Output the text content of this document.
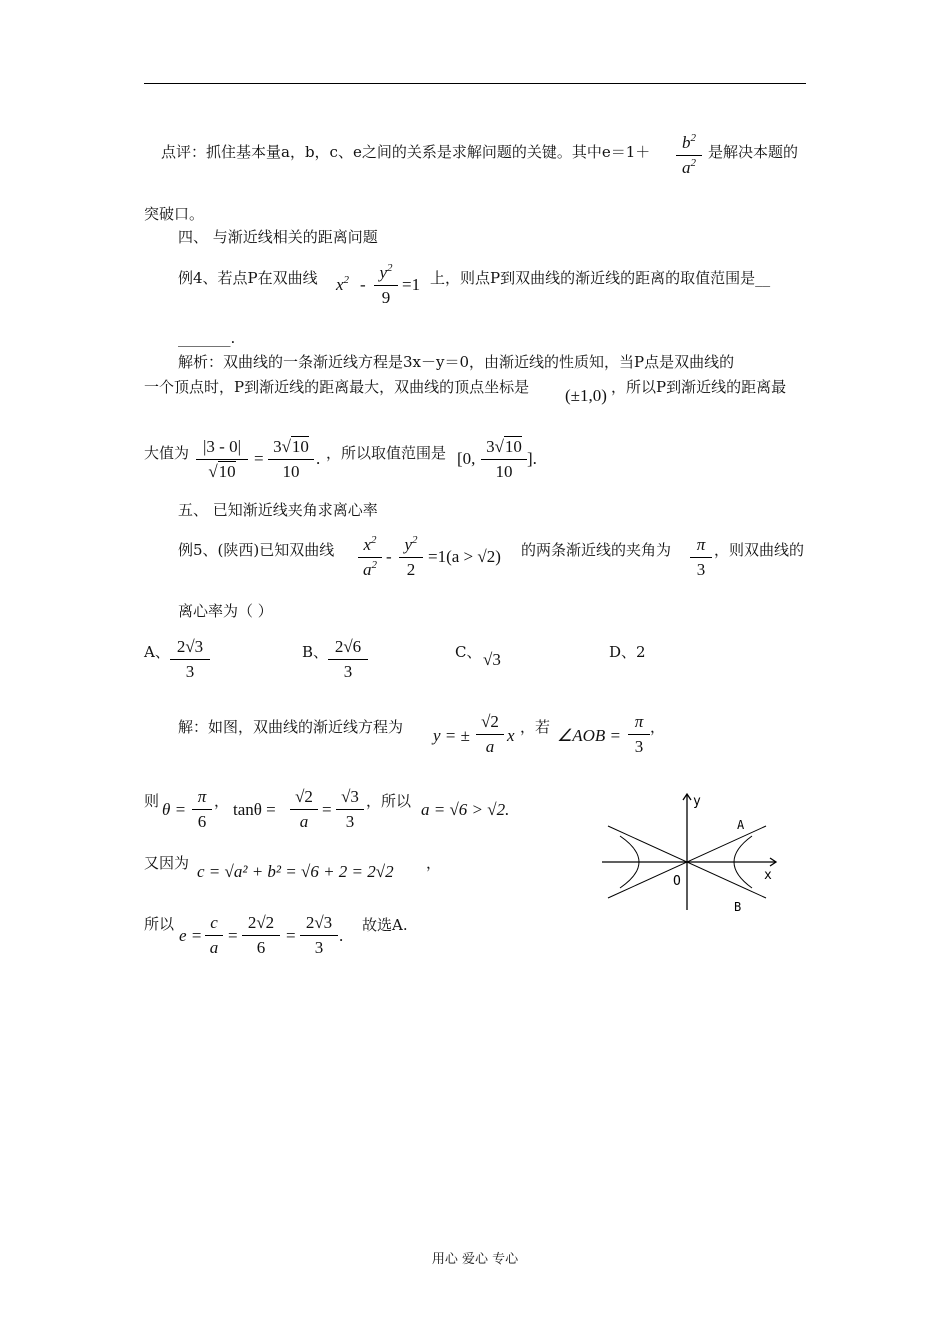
点评：抓住基本量a，b，c、e之间的关系是求解问题的关键。其中e＝1＋	$b^2$
$a^2$
是解决本题的
突破口。
四、 与渐近线相关的距离问题
例4、若点P在双曲线 $x^2$ -
$y^2$
9
=1 上，则点P到双曲线的渐近线的距离的取值范围是__
_______.
解析：双曲线的一条渐近线方程是3x－y＝0，由渐近线的性质知，当P点是双曲线的
一个顶点时，P到渐近线的距离最大，双曲线的顶点坐标是 (±1,0) ，所以P到渐近线的距离最
大值为 |3 - 0|
√10
=
3√10
10
. ，所以取值范围是 [0,
3√10
10
].
五、 已知渐近线夹角求离心率
例5、(陕西)已知双曲线	$x^2$
$a^2$ -
$y^2$
2
=1(a > √2) 的两条渐近线的夹角为	π
3
，则双曲线的
离心率为（ ）
A、 2√3
3
B、 2√6
3
C、 √3	D、2
解：如图，双曲线的渐近线方程为 y = ±
√2
a
x ，若 ∠AOB =
π
3
，
则 θ =
π
6
， tanθ =
√2
a
=
√3
3
，所以 a = √6 > √2.
又因为 c = √a² + b² = √6 + 2 = 2√2 ，
所以
e =
c
a
=
2√2
6
=
2√3
3
.
故选A.
y
x
O
A
B
用心 爱心 专心
